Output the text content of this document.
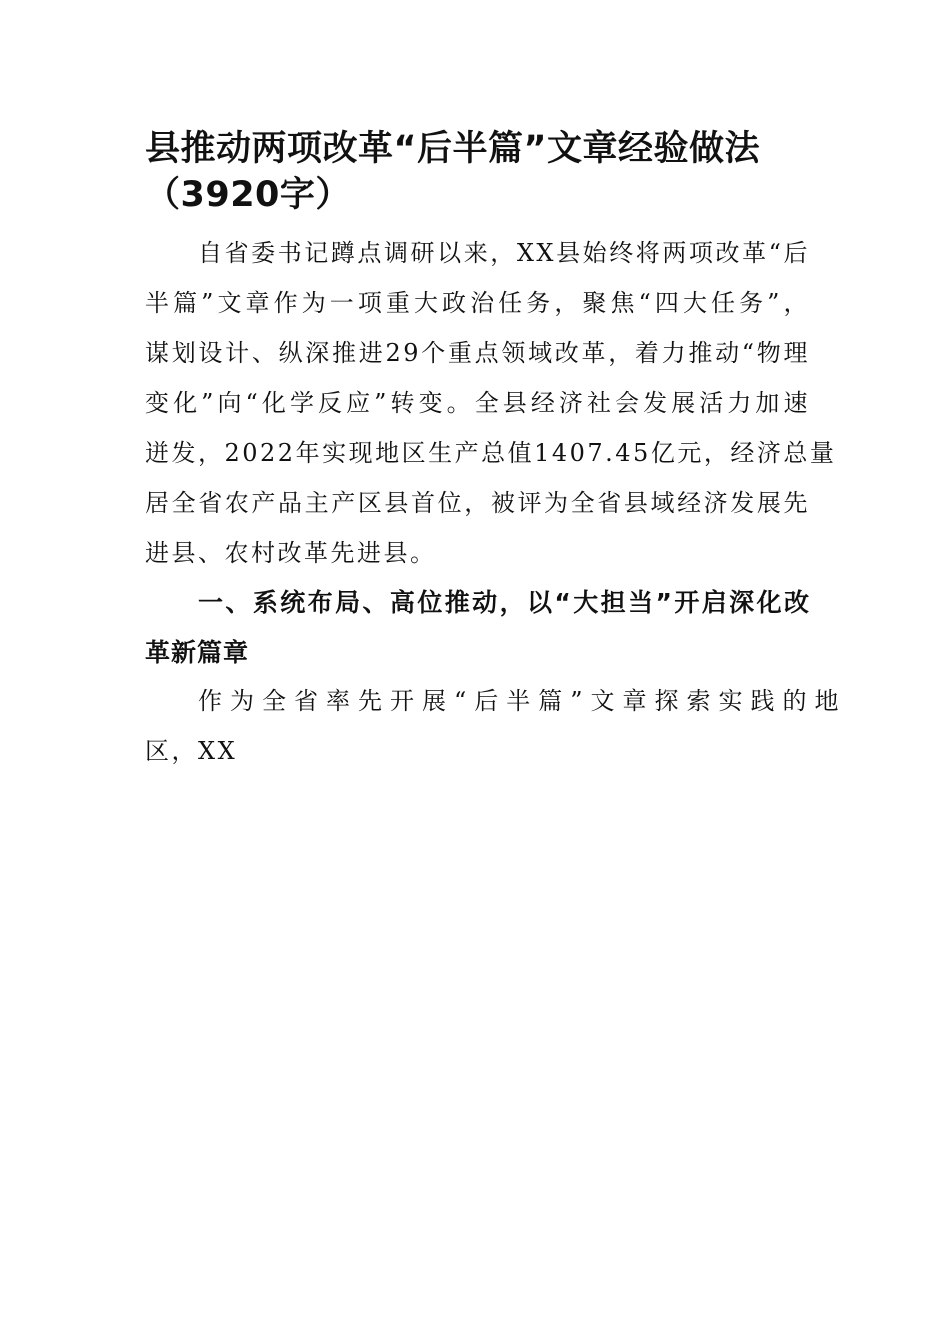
县推动两项改革“后半篇”文章经验做法
（3920字）

自省委书记蹲点调研以来，XX县始终将两项改革“后
半篇”文章作为一项重大政治任务，聚焦“四大任务”，
谋划设计、纵深推进29个重点领域改革，着力推动“物理
变化”向“化学反应”转变。全县经济社会发展活力加速
迸发，2022年实现地区生产总值1407.45亿元，经济总量
居全省农产品主产区县首位，被评为全省县域经济发展先
进县、农村改革先进县。

一、系统布局、高位推动，以“大担当”开启深化改
革新篇章

作为全省率先开展“后半篇”文章探索实践的地
区，XX
